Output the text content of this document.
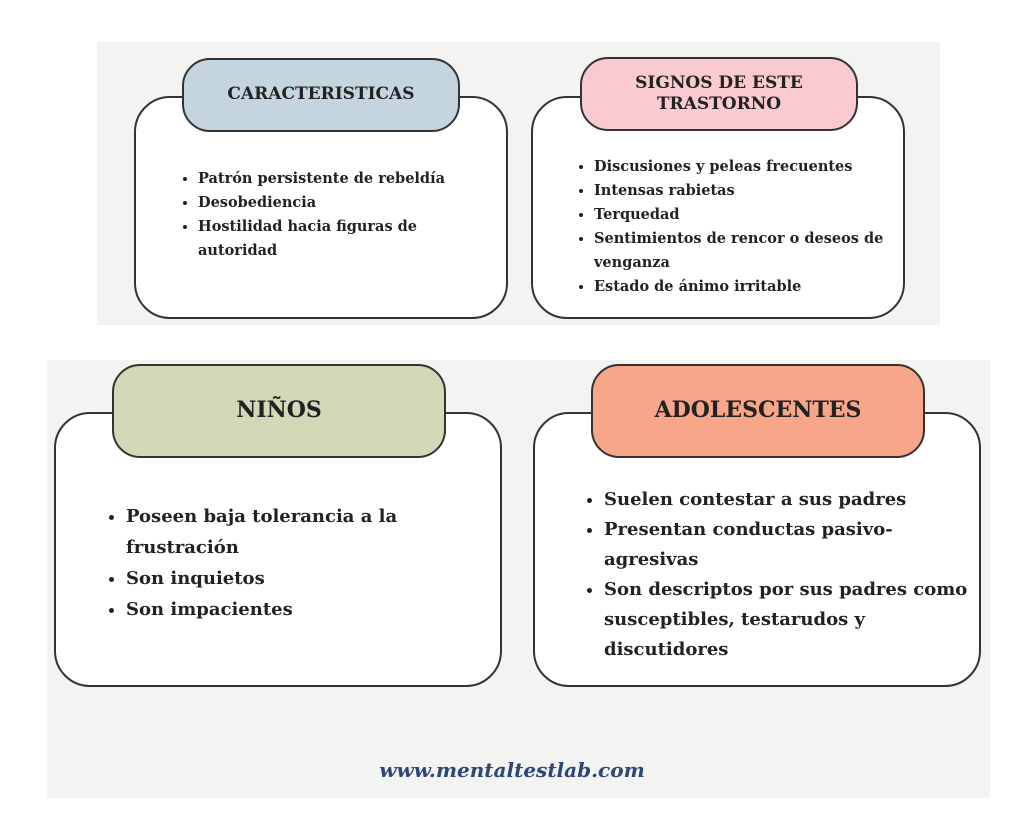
CARACTERISTICAS
• Patrón persistente de rebeldía
• Desobediencia
• Hostilidad hacia figuras de autoridad
SIGNOS DE ESTE TRASTORNO
• Discusiones y peleas frecuentes
• Intensas rabietas
• Terquedad
• Sentimientos de rencor o deseos de venganza
• Estado de ánimo irritable
NIÑOS
• Poseen baja tolerancia a la frustración
• Son inquietos
• Son impacientes
ADOLESCENTES
• Suelen contestar a sus padres
• Presentan conductas pasivo-agresivas
• Son descriptos por sus padres como susceptibles, testarudos y discutidores
www.mentaltestlab.com
